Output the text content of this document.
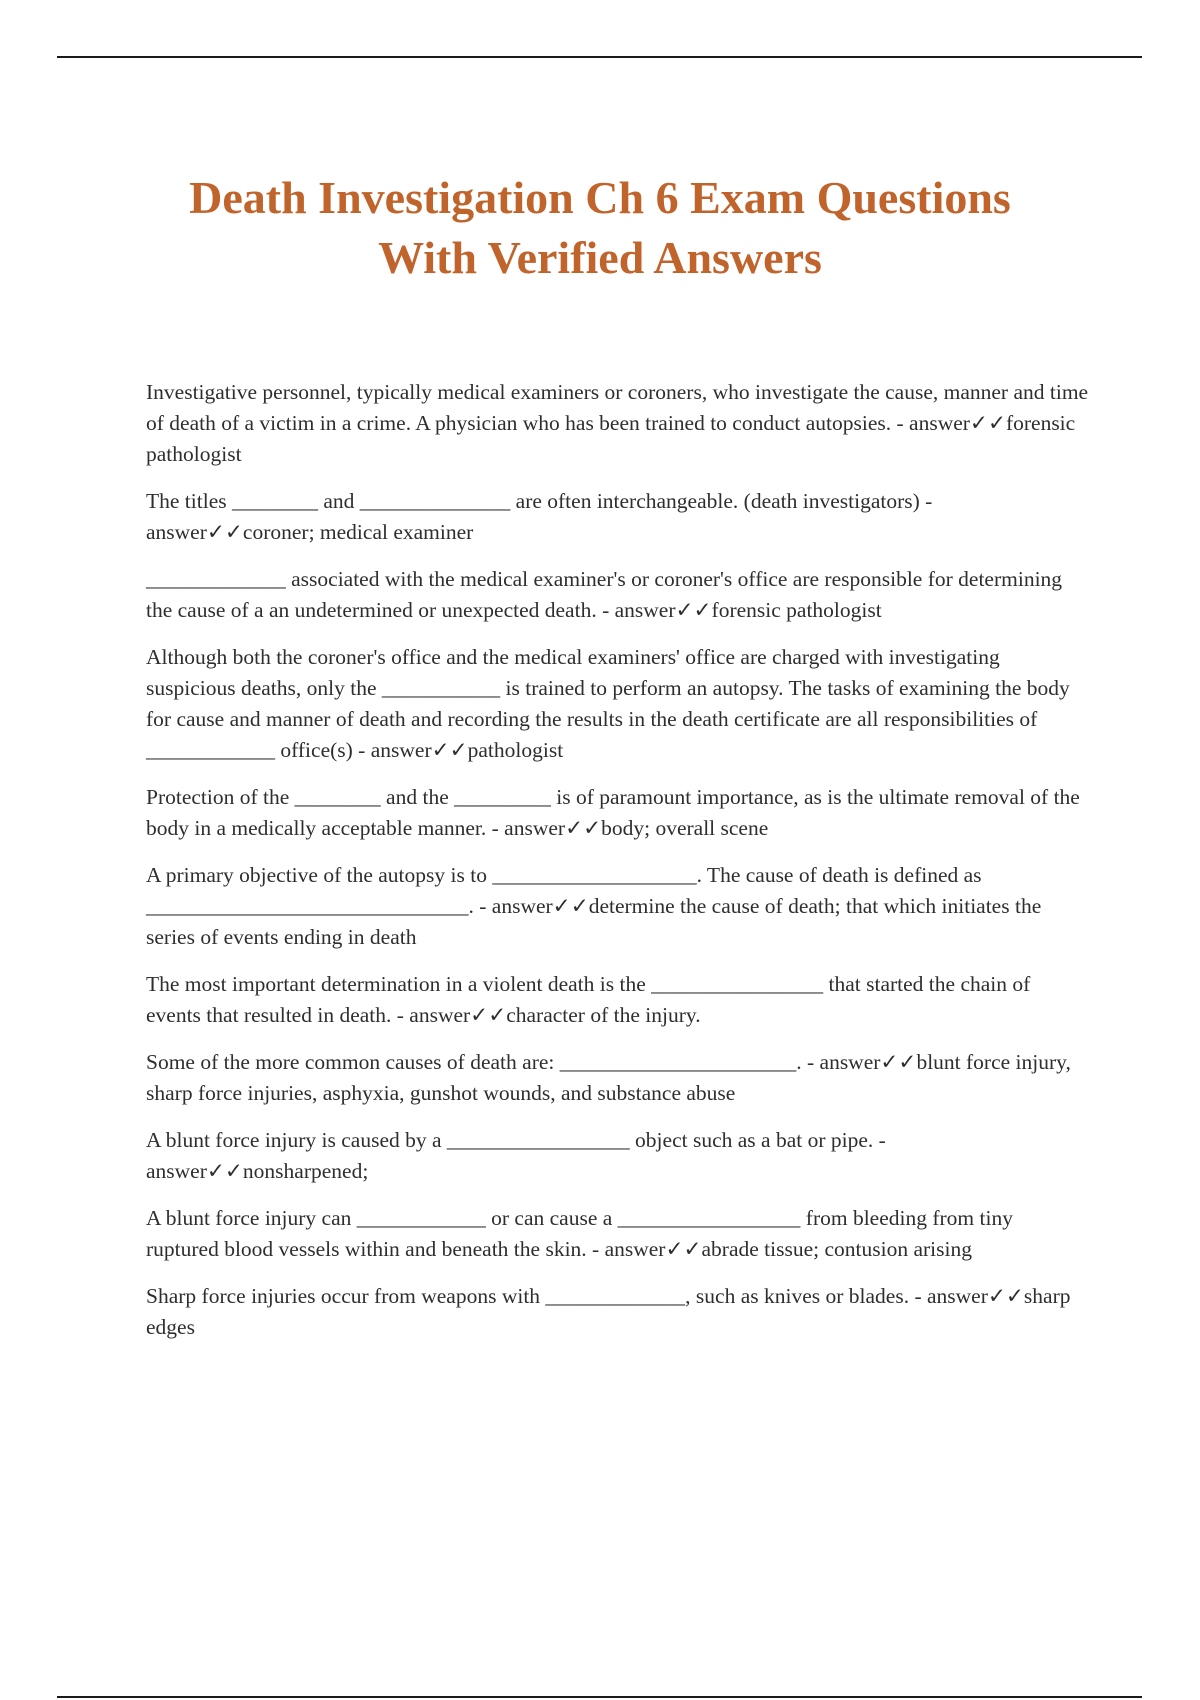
Death Investigation Ch 6 Exam Questions
With Verified Answers
Investigative personnel, typically medical examiners or coroners, who investigate the cause, manner and time of death of a victim in a crime. A physician who has been trained to conduct autopsies. - answer✓✓forensic pathologist
The titles ________ and ______________ are often interchangeable. (death investigators) - answer✓✓coroner; medical examiner
_____________ associated with the medical examiner's or coroner's office are responsible for determining the cause of a an undetermined or unexpected death. - answer✓✓forensic pathologist
Although both the coroner's office and the medical examiners' office are charged with investigating suspicious deaths, only the ___________ is trained to perform an autopsy. The tasks of examining the body for cause and manner of death and recording the results in the death certificate are all responsibilities of ____________ office(s) - answer✓✓pathologist
Protection of the ________ and the _________ is of paramount importance, as is the ultimate removal of the body in a medically acceptable manner. - answer✓✓body; overall scene
A primary objective of the autopsy is to ___________________. The cause of death is defined as ______________________________. - answer✓✓determine the cause of death; that which initiates the series of events ending in death
The most important determination in a violent death is the ________________ that started the chain of events that resulted in death. - answer✓✓character of the injury.
Some of the more common causes of death are: ______________________. - answer✓✓blunt force injury, sharp force injuries, asphyxia, gunshot wounds, and substance abuse
A blunt force injury is caused by a _________________ object such as a bat or pipe. - answer✓✓nonsharpened;
A blunt force injury can ____________ or can cause a _________________ from bleeding from tiny ruptured blood vessels within and beneath the skin. - answer✓✓abrade tissue; contusion arising
Sharp force injuries occur from weapons with _____________, such as knives or blades. - answer✓✓sharp edges
